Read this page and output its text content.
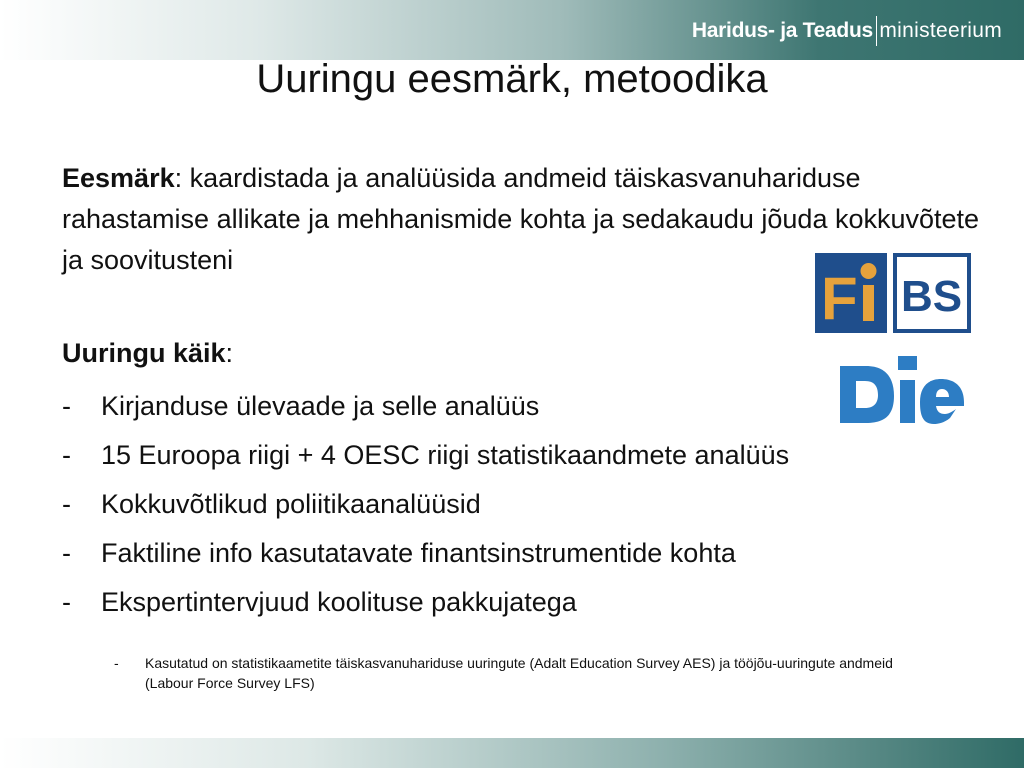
Haridus- ja Teadus ministeerium
Uuringu eesmärk, metoodika
Eesmärk: kaardistada ja analüüsida andmeid täiskasvanuhariduse rahastamise allikate ja mehhanismide kohta ja sedakaudu jõuda kokkuvõtete ja soovitusteni
Uuringu käik:
-	Kirjanduse ülevaade ja selle analüüs
-	15 Euroopa riigi + 4 OESC riigi statistikaandmete analüüs
-	Kokkuvõtlikud poliitikaanalüüsid
-	Faktiline info kasutatavate finantsinstrumentide kohta
-	Ekspertintervjuud koolituse pakkujatega
-	Kasutatud on statistikaametite täiskasvanuhariduse uuringute (Adalt Education Survey AES) ja tööjõu-uuringute andmeid (Labour Force Survey LFS)
F BS
